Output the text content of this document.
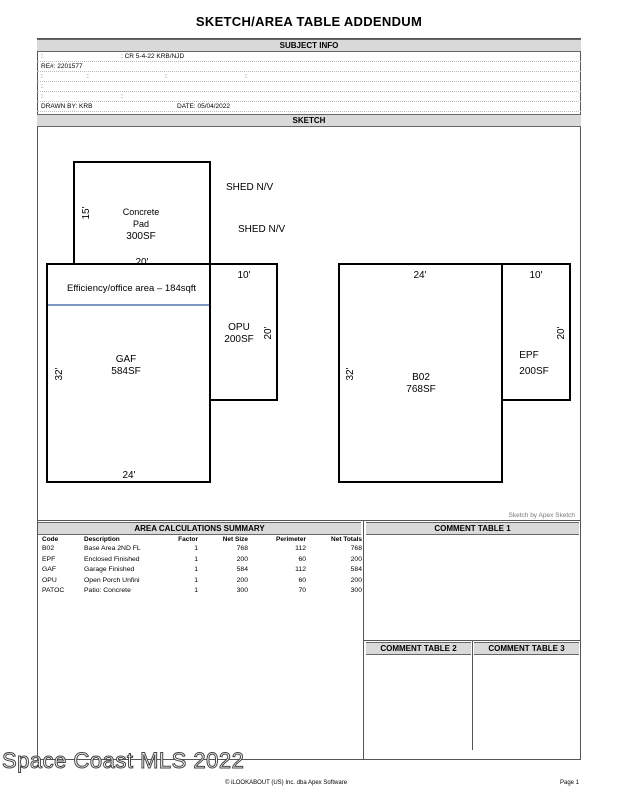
SKETCH/AREA TABLE ADDENDUM
SUBJECT INFO
:	: CR 5-4-22 KRB/NJD
RE#: 2201577
:	:	:	:
:
:	:
DRAWN BY: KRB	DATE: 05/04/2022
SKETCH
Concrete
Pad
300SF
15'
20'
SHED N/V
SHED N/V
Efficiency/office area – 184sqft
GAF
584SF
32'
24'
10'
OPU
200SF 20'
24'
B02
768SF
32'
10'
EPF
200SF
20'
Sketch by Apex Sketch
AREA CALCULATIONS SUMMARY
Code	Description	Factor	Net Size	Perimeter	Net Totals
B02	Base Area 2ND FL	1	768	112	768
EPF	Enclosed Finished	1	200	60	200
GAF	Garage Finished	1	584	112	584
OPU	Open Porch Unfini	1	200	60	200
PATOC	Patio: Concrete	1	300	70	300
COMMENT TABLE 1
COMMENT TABLE 2	COMMENT TABLE 3
Space Coast MLS 2022
© iLOOKABOUT (US) Inc. dba Apex Software	Page 1
